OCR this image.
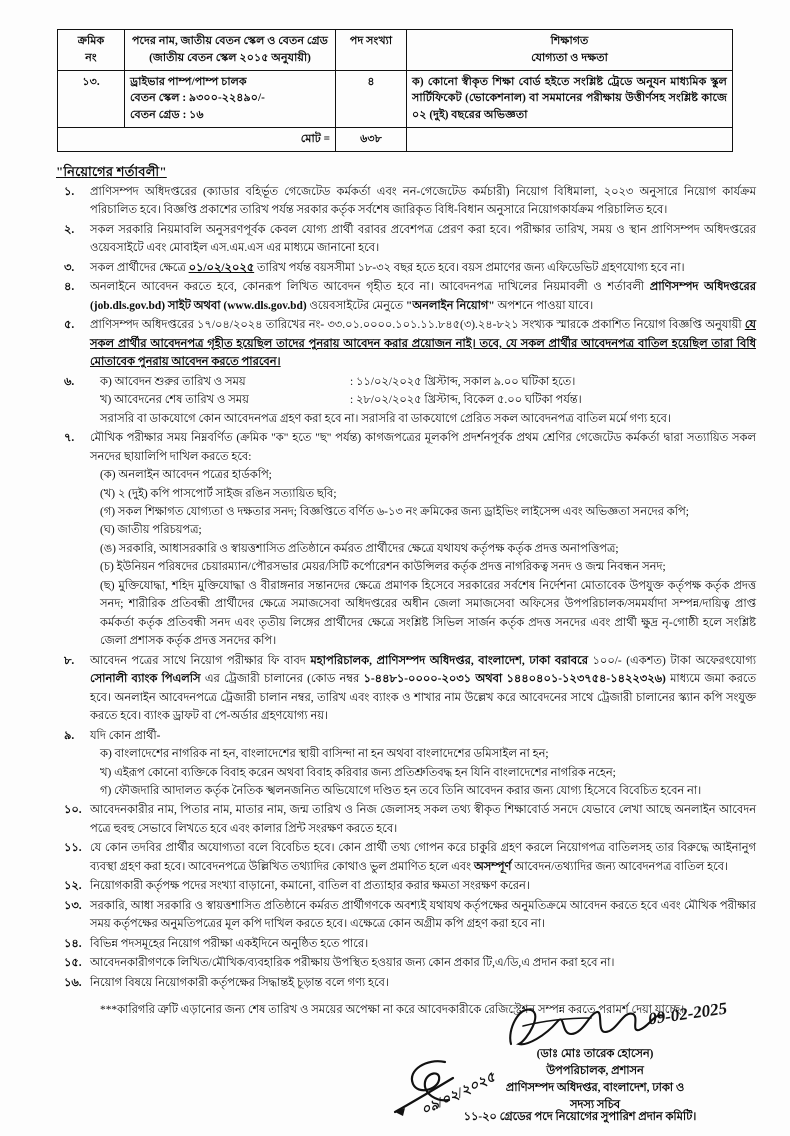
ক্রমিক
নং	পদের নাম, জাতীয় বেতন স্কেল ও বেতন গ্রেড (জাতীয় বেতন স্কেল ২০১৫ অনুযায়ী)	পদ সংখ্যা	শিক্ষাগত
যোগ্যতা ও দক্ষতা
১৩.	ড্রাইভার পাম্প/পাম্প চালক
বেতন স্কেল : ৯৩০০-২২৪৯০/-
বেতন গ্রেড : ১৬	৪	ক) কোনো স্বীকৃত শিক্ষা বোর্ড হইতে সংশ্লিষ্ট ট্রেডে অনূ্যন মাধ্যমিক স্কুল সার্টিফিকেট (ভোকেশনাল) বা সমমানের পরীক্ষায় উত্তীর্ণসহ সংশ্লিষ্ট কাজে ০২ (দুই) বছরের অভিজ্ঞতা

মোট =		৬৩৮	
"নিয়োগের শর্তাবলী"
১.	প্রাণিসম্পদ অধিদপ্তরের (ক্যাডার বহির্ভূত গেজেটেড কর্মকর্তা এবং নন-গেজেটেড কর্মচারী) নিয়োগ বিধিমালা, ২০২৩ অনুসারে নিয়োগ কার্যক্রম পরিচালিত হবে। বিজ্ঞপ্তি প্রকাশের তারিখ পর্যন্ত সরকার কর্তৃক সর্বশেষ জারিকৃত বিধি-বিধান অনুসারে নিয়োগকার্যক্রম পরিচালিত হবে।
২.	সকল সরকারি নিয়মাবলি অনুসরণপূর্বক কেবল যোগ্য প্রার্থী বরাবর প্রবেশপত্র প্রেরণ করা হবে। পরীক্ষার তারিখ, সময় ও স্থান প্রাণিসম্পদ অধিদপ্তরের ওয়েবসাইটে এবং মোবাইল এস.এম.এস এর মাধ্যমে জানানো হবে।
৩.	সকল প্রার্থীদের ক্ষেত্রে ০১/০২/২০২৫ তারিখ পর্যন্ত বয়সসীমা ১৮-৩২ বছর হতে হবে। বয়স প্রমাণের জন্য এফিডেভিট গ্রহণযোগ্য হবে না।
৪.	অনলাইনে আবেদন করতে হবে, কোনরূপ লিখিত আবেদন গৃহীত হবে না। আবেদনপত্র দাখিলের নিয়মাবলী ও শর্তাবলী প্রাণিসম্পদ অধিদপ্তরের (job.dls.gov.bd) সাইট অথবা (www.dls.gov.bd) ওয়েবসাইটের মেনুতে "অনলাইন নিয়োগ" অপশনে পাওয়া যাবে।
৫.	প্রাণিসম্পদ অধিদপ্তরের ১৭/০৪/২০২৪ তারিখের নং- ৩৩.০১.০০০০.১০১.১১.৮৪৫(৩).২৪-৮২১ সংখ্যক স্মারকে প্রকাশিত নিয়োগ বিজ্ঞপ্তি অনুযায়ী যে সকল প্রার্থীর আবেদনপত্র গৃহীত হয়েছিল তাদের পুনরায় আবেদন করার প্রয়োজন নাই। তবে, যে সকল প্রার্থীর আবেদনপত্র বাতিল হয়েছিল তারা বিধি মোতাবেক পুনরায় আবেদন করতে পারবেন।
৬.	ক) আবেদন শুরুর তারিখ ও সময়	: ১১/০২/২০২৫ খ্রিস্টাব্দ, সকাল ৯.০০ ঘটিকা হতে।
খ) আবেদনের শেষ তারিখ ও সময়	: ২৮/০২/২০২৫ খ্রিস্টাব্দ, বিকেল ৫.০০ ঘটিকা পর্যন্ত।
সরাসরি বা ডাকযোগে কোন আবেদনপত্র গ্রহণ করা হবে না। সরাসরি বা ডাকযোগে প্রেরিত সকল আবেদনপত্র বাতিল মর্মে গণ্য হবে।
৭.	মৌখিক পরীক্ষার সময় নিম্নবর্ণিত (ক্রমিক "ক" হতে "ছ" পর্যন্ত) কাগজপত্রের মূলকপি প্রদর্শনপূর্বক প্রথম শ্রেণির গেজেটেড কর্মকর্তা দ্বারা সত্যায়িত সকল সনদের ছায়ালিপি দাখিল করতে হবে:
(ক) অনলাইন আবেদন পত্রের হার্ডকপি;
(খ) ২ (দুই) কপি পাসপোর্ট সাইজ রঙিন সত্যায়িত ছবি;
(গ) সকল শিক্ষাগত যোগ্যতা ও দক্ষতার সনদ; বিজ্ঞপ্তিতে বর্ণিত ৬-১৩ নং ক্রমিকের জন্য ড্রাইভিং লাইসেন্স এবং অভিজ্ঞতা সনদের কপি;
(ঘ) জাতীয় পরিচয়পত্র;
(ঙ) সরকারি, আধাসরকারি ও স্বায়ত্তশাসিত প্রতিষ্ঠানে কর্মরত প্রার্থীদের ক্ষেত্রে যথাযথ কর্তৃপক্ষ কর্তৃক প্রদত্ত অনাপত্তিপত্র;
(চ) ইউনিয়ন পরিষদের চেয়ারম্যান/পৌরসভার মেয়র/সিটি কর্পোরেশন কাউন্সিলর কর্তৃক প্রদত্ত নাগরিকত্ব সনদ ও জন্ম নিবন্ধন সনদ;
(ছ) মুক্তিযোদ্ধা, শহিদ মুক্তিযোদ্ধা ও বীরাঙ্গনার সন্তানদের ক্ষেত্রে প্রমাণক হিসেবে সরকারের সর্বশেষ নির্দেশনা মোতাবেক উপযুক্ত কর্তৃপক্ষ কর্তৃক প্রদত্ত সনদ; শারীরিক প্রতিবন্ধী প্রার্থীদের ক্ষেত্রে সমাজসেবা অধিদপ্তরের অধীন জেলা সমাজসেবা অফিসের উপপরিচালক/সমমর্যাদা সম্পন্ন/দায়িত্ব প্রাপ্ত কর্মকর্তা কর্তৃক প্রতিবন্ধী সনদ এবং তৃতীয় লিঙ্গের প্রার্থীদের ক্ষেত্রে সংশ্লিষ্ট সিভিল সার্জন কর্তৃক প্রদত্ত সনদের এবং প্রার্থী ক্ষুদ্র নৃ-গোষ্ঠী হলে সংশ্লিষ্ট জেলা প্রশাসক কর্তৃক প্রদত্ত সনদের কপি।
৮.	আবেদন পত্রের সাথে নিয়োগ পরীক্ষার ফি বাবদ মহাপরিচালক, প্রাণিসম্পদ অধিদপ্তর, বাংলাদেশ, ঢাকা বরাবরে ১০০/- (একশত) টাকা অফেরৎযোগ্য সোনালী ব্যাংক পিএলসি এর ট্রেজারী চালানের (কোড নম্বর ১-৪৪৮১-০০০০-২০৩১ অথবা ১৪৪০৪০১-১২৩৭৫৪-১৪২২৩২৬) মাধ্যমে জমা করতে হবে। অনলাইন আবেদনপত্রে ট্রেজারী চালান নম্বর, তারিখ এবং ব্যাংক ও শাখার নাম উল্লেখ করে আবেদনের সাথে ট্রেজারী চালানের স্ক্যান কপি সংযুক্ত করতে হবে। ব্যাংক ড্রাফট বা পে-অর্ডার গ্রহণযোগ্য নয়।
৯.	যদি কোন প্রার্থী-
ক) বাংলাদেশের নাগরিক না হন, বাংলাদেশের স্থায়ী বাসিন্দা না হন অথবা বাংলাদেশের ডমিসাইল না হন;
খ) এইরূপ কোনো ব্যক্তিকে বিবাহ করেন অথবা বিবাহ করিবার জন্য প্রতিশ্রুতিবদ্ধ হন যিনি বাংলাদেশের নাগরিক নহেন;
গ) ফৌজদারি আদালত কর্তৃক নৈতিক স্খলনজনিত অভিযোগে দণ্ডিত হন তবে তিনি আবেদন করার জন্য যোগ্য হিসেবে বিবেচিত হবেন না।
১০. আবেদনকারীর নাম, পিতার নাম, মাতার নাম, জন্ম তারিখ ও নিজ জেলাসহ সকল তথ্য স্বীকৃত শিক্ষাবোর্ড সনদে যেভাবে লেখা আছে অনলাইন আবেদন পত্রে হুবহু সেভাবে লিখতে হবে এবং কালার প্রিন্ট সংরক্ষণ করতে হবে।
১১. যে কোন তদবির প্রার্থীর অযোগ্যতা বলে বিবেচিত হবে। কোন প্রার্থী তথ্য গোপন করে চাকুরি গ্রহণ করলে নিয়োগপত্র বাতিলসহ তার বিরুদ্ধে আইনানুগ ব্যবস্থা গ্রহণ করা হবে। আবেদনপত্রে উল্লিখিত তথ্যাদির কোথাও ভুল প্রমাণিত হলে এবং অসম্পূর্ণ আবেদন/তথ্যাদির জন্য আবেদনপত্র বাতিল হবে।
১২. নিয়োগকারী কর্তৃপক্ষ পদের সংখ্যা বাড়ানো, কমানো, বাতিল বা প্রত্যাহার করার ক্ষমতা সংরক্ষণ করেন।
১৩. সরকারি, আধা সরকারি ও স্বায়ত্তশাসিত প্রতিষ্ঠানে কর্মরত প্রার্থীগণকে অবশ্যই যথাযথ কর্তৃপক্ষের অনুমতিক্রমে আবেদন করতে হবে এবং মৌখিক পরীক্ষার সময় কর্তৃপক্ষের অনুমতিপত্রের মূল কপি দাখিল করতে হবে। এক্ষেত্রে কোন অগ্রীম কপি গ্রহণ করা হবে না।
১৪. বিভিন্ন পদসমূহের নিয়োগ পরীক্ষা একইদিনে অনুষ্ঠিত হতে পারে।
১৫. আবেদনকারীগণকে লিখিত/মৌখিক/ব্যবহারিক পরীক্ষায় উপস্থিত হওয়ার জন্য কোন প্রকার টি,এ/ডি,এ প্রদান করা হবে না।
১৬. নিয়োগ বিষয়ে নিয়োগকারী কর্তৃপক্ষের সিদ্ধান্তই চূড়ান্ত বলে গণ্য হবে।
***কারিগরি ত্রুটি এড়ানোর জন্য শেষ তারিখ ও সময়ের অপেক্ষা না করে আবেদকারীকে রেজিস্ট্রেশন সম্পন্ন করতে পরামর্শ দেয়া যাচ্ছে।
09-02-2025
০৯/০২/২০২৫
(ডাঃ মোঃ তারেক হোসেন)
উপপরিচালক, প্রশাসন
প্রাণিসম্পদ অধিদপ্তর, বাংলাদেশ, ঢাকা ও
সদস্য সচিব
১১-২০ গ্রেডের পদে নিয়োগের সুপারিশ প্রদান কমিটি।
